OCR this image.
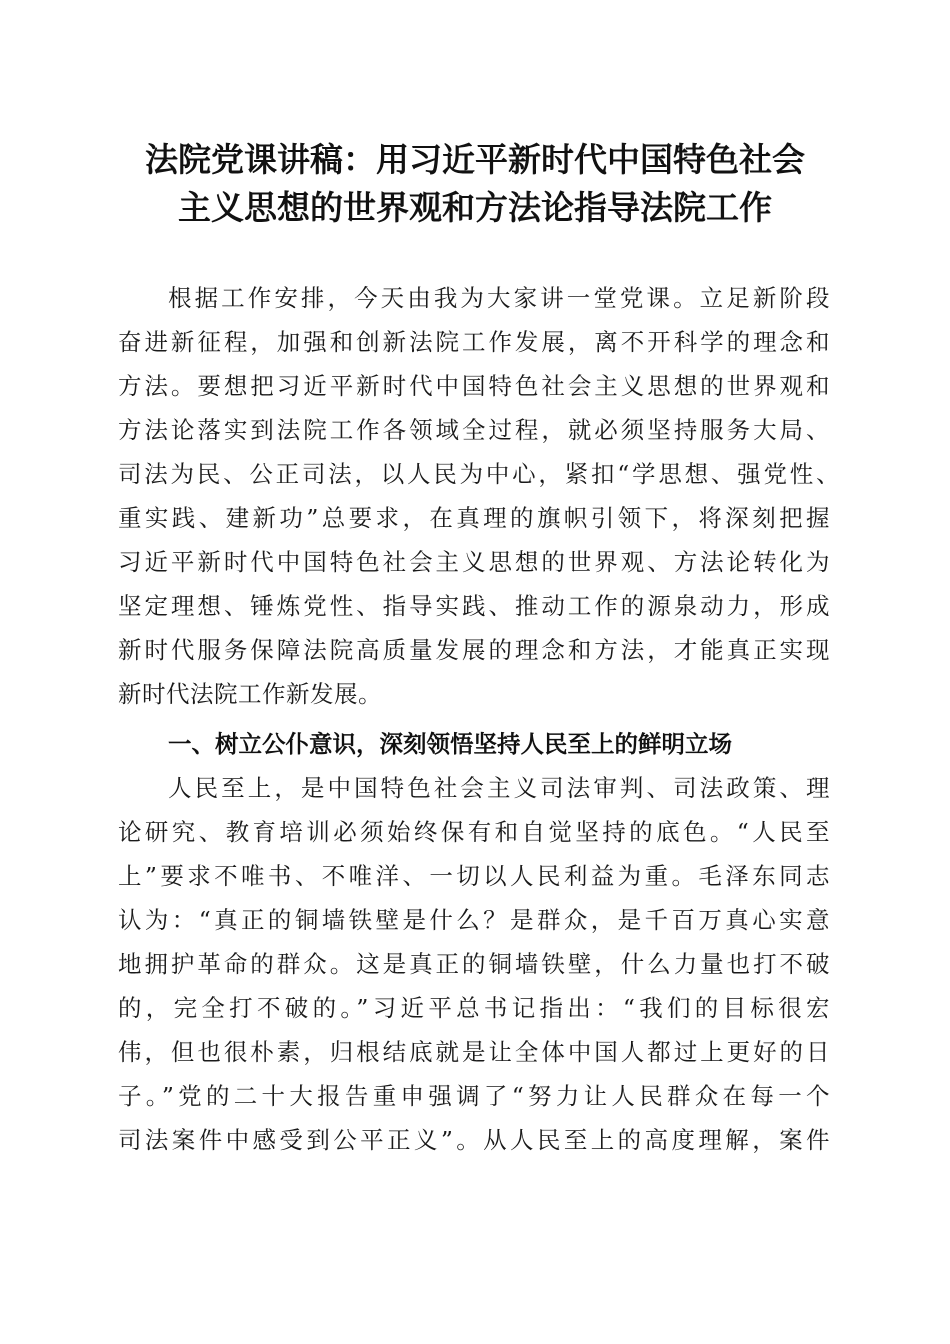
法院党课讲稿：用习近平新时代中国特色社会
主义思想的世界观和方法论指导法院工作
根据工作安排，今天由我为大家讲一堂党课。立足新阶段
奋进新征程，加强和创新法院工作发展，离不开科学的理念和
方法。要想把习近平新时代中国特色社会主义思想的世界观和
方法论落实到法院工作各领域全过程，就必须坚持服务大局、
司法为民、公正司法，以人民为中心，紧扣“学思想、强党性、
重实践、建新功”总要求，在真理的旗帜引领下，将深刻把握
习近平新时代中国特色社会主义思想的世界观、方法论转化为
坚定理想、锤炼党性、指导实践、推动工作的源泉动力，形成
新时代服务保障法院高质量发展的理念和方法，才能真正实现
新时代法院工作新发展。
一、树立公仆意识，深刻领悟坚持人民至上的鲜明立场
人民至上，是中国特色社会主义司法审判、司法政策、理
论研究、教育培训必须始终保有和自觉坚持的底色。“人民至
上”要求不唯书、不唯洋、一切以人民利益为重。毛泽东同志
认为：“真正的铜墙铁壁是什么？是群众，是千百万真心实意
地拥护革命的群众。这是真正的铜墙铁壁，什么力量也打不破
的，完全打不破的。”习近平总书记指出：“我们的目标很宏
伟，但也很朴素，归根结底就是让全体中国人都过上更好的日
子。”党的二十大报告重申强调了“努力让人民群众在每一个
司法案件中感受到公平正义”。从人民至上的高度理解，案件
